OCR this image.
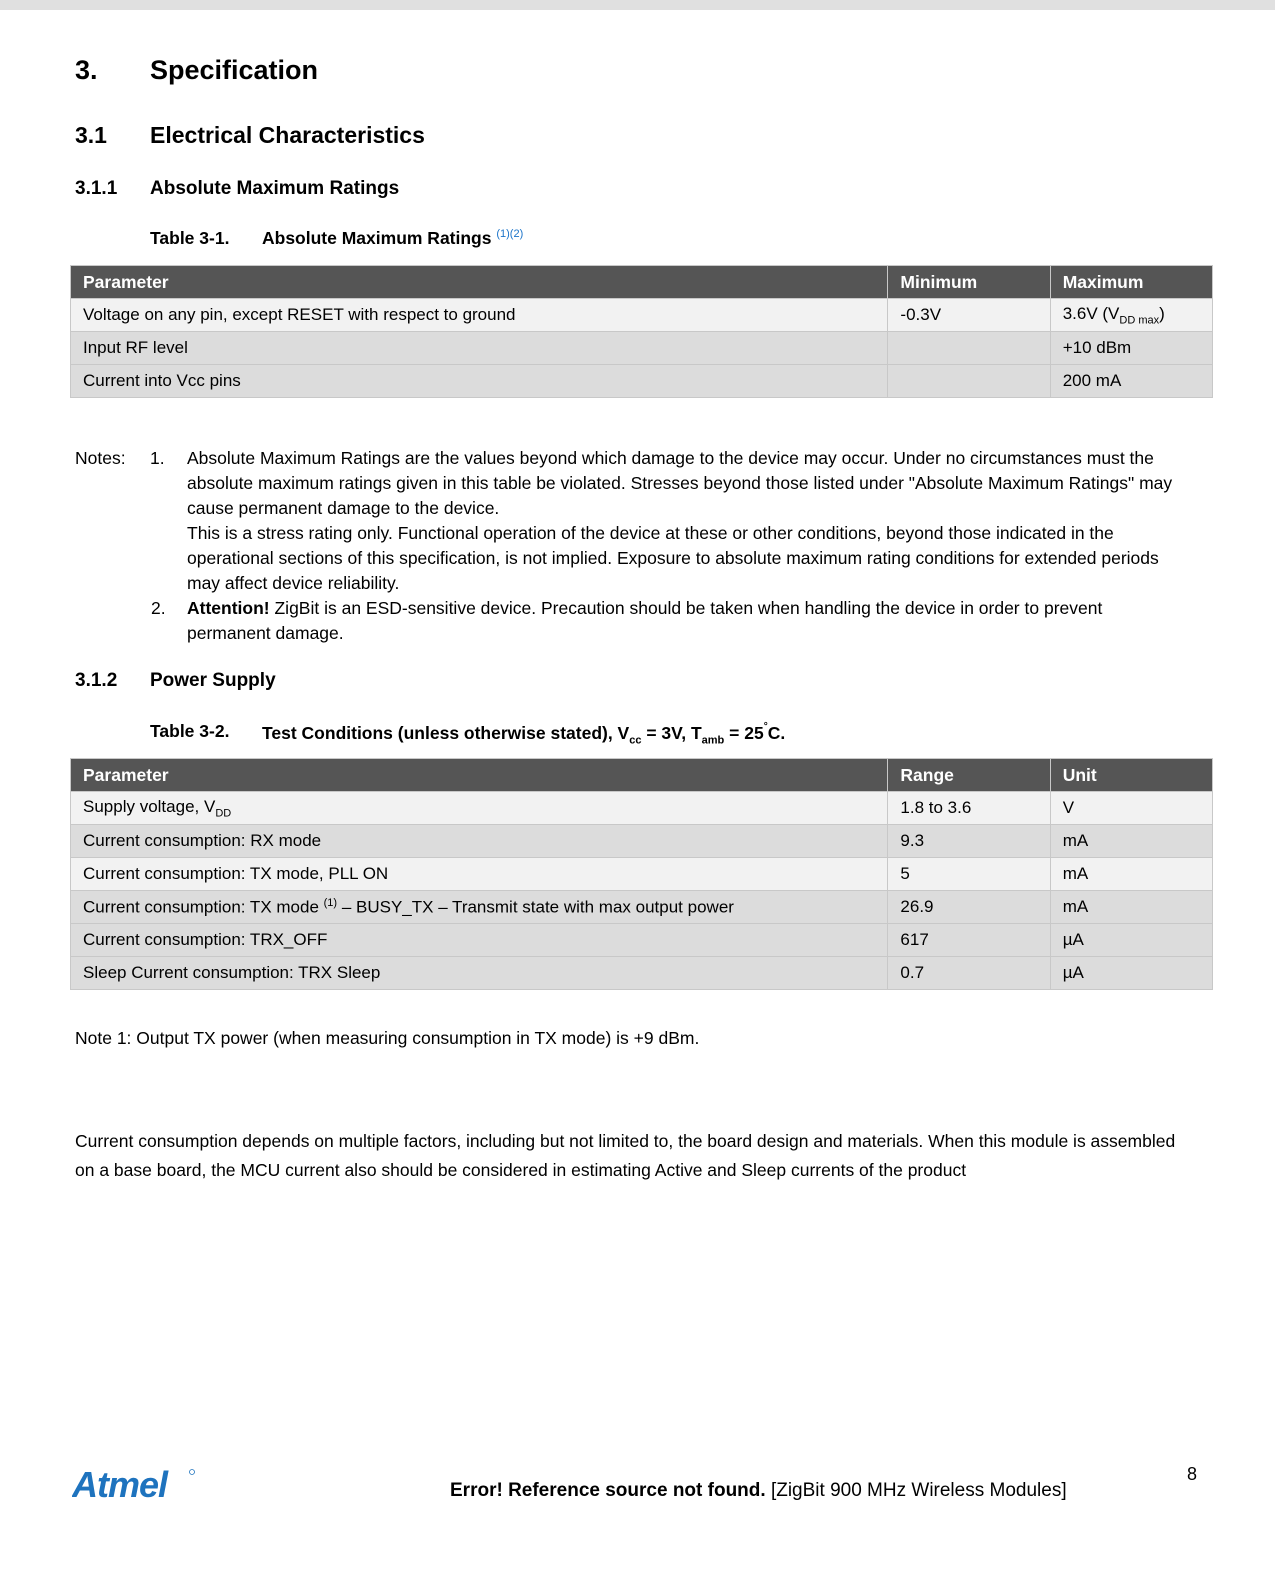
3. Specification
3.1 Electrical Characteristics
3.1.1 Absolute Maximum Ratings
Table 3-1. Absolute Maximum Ratings $^{(1)(2)}$
Parameter	Minimum	Maximum
Voltage on any pin, except RESET with respect to ground	-0.3V	3.6V $(V_{DD max})$
Input RF level		+10 dBm
Current into Vcc pins		200 mA
Notes: 1. Absolute Maximum Ratings are the values beyond which damage to the device may occur. Under no circumstances must the absolute maximum ratings given in this table be violated. Stresses beyond those listed under "Absolute Maximum Ratings" may cause permanent damage to the device.
This is a stress rating only. Functional operation of the device at these or other conditions, beyond those indicated in the operational sections of this specification, is not implied. Exposure to absolute maximum rating conditions for extended periods may affect device reliability.
2. Attention! ZigBit is an ESD-sensitive device. Precaution should be taken when handling the device in order to prevent permanent damage.
3.1.2 Power Supply
Table 3-2. Test Conditions (unless otherwise stated), $V_{cc} = 3V$, $T_{amb} = 25^\circ C$.
Parameter	Range	Unit
Supply voltage, $V_{DD}$	1.8 to 3.6	V
Current consumption: RX mode	9.3	mA
Current consumption: TX mode, PLL ON	5	mA
Current consumption: TX mode $^{(1)}$ – BUSY_TX – Transmit state with max output power	26.9	mA
Current consumption: TRX_OFF	617	µA
Sleep Current consumption: TRX Sleep	0.7	µA
Note 1: Output TX power (when measuring consumption in TX mode) is +9 dBm.
Current consumption depends on multiple factors, including but not limited to, the board design and materials. When this module is assembled on a base board, the MCU current also should be considered in estimating Active and Sleep currents of the product
Atmel	Error! Reference source not found. [ZigBit 900 MHz Wireless Modules]
8
